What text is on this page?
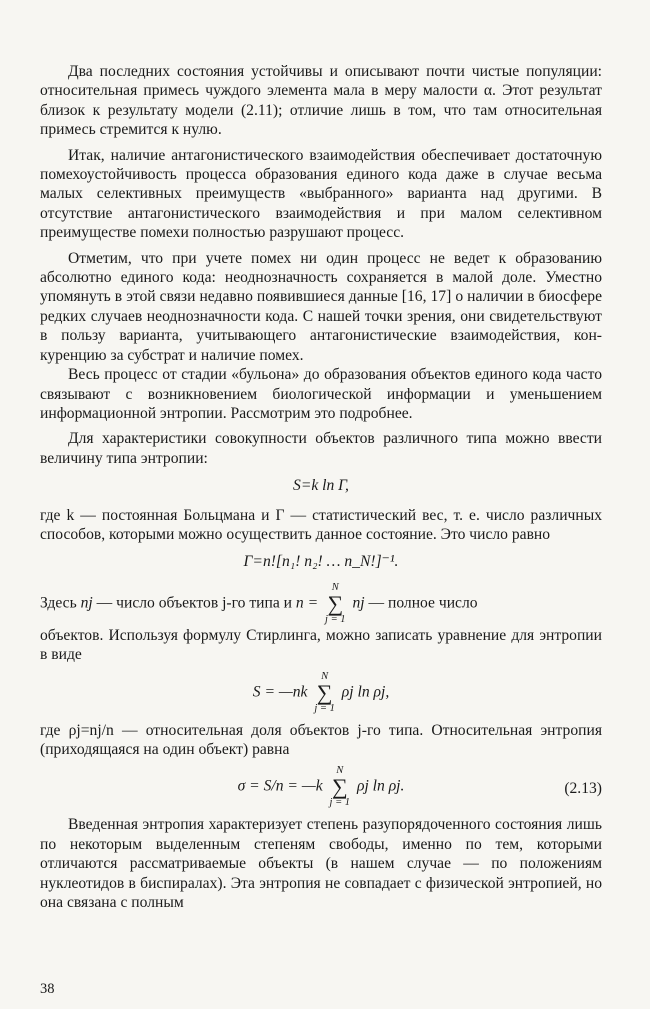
Два последних состояния устойчивы и описывают почти чистые популяции: относительная примесь чуждого элемента мала в меру малости α. Этот результат близок к результату модели (2.11); отличие лишь в том, что там относительная примесь стремится к нулю.

Итак, наличие антагонистического взаимодействия обеспечивает достаточную помехоустойчивость процесса образования единого кода даже в случае весьма малых селективных преимуществ «выбранного» варианта над другими. В отсутствие антагонистического взаимодействия и при малом селективном преимуществе помехи полностью разрушают процесс.

Отметим, что при учете помех ни один процесс не ведет к образованию абсолютно единого кода: неоднозначность сохраняется в малой доле. Уместно упомянуть в этой связи недавно появившиеся данные [16, 17] о наличии в биосфере редких случаев неоднозначности кода. С нашей точки зрения, они свидетельствуют в пользу варианта, учитывающего антагонистические взаимодействия, конкуренцию за субстрат и наличие помех.

Весь процесс от стадии «бульона» до образования объектов единого кода часто связывают с возникновением биологической информации и уменьшением информационной энтропии. Рассмотрим это подробнее.

Для характеристики совокупности объектов различного типа можно ввести величину типа энтропии:

S=k ln Γ,

где k — постоянная Больцмана и Γ — статистический вес, т. е. число различных способов, которыми можно осуществить данное состояние. Это число равно

Γ=n![n₁! n₂! … n_N!]⁻¹.

Здесь nj — число объектов j-го типа и n =
N
∑
j = 1
nj — полное число

объектов. Используя формулу Стирлинга, можно записать уравнение для энтропии в виде

S = —nk
N
∑
j = 1
ρj ln ρj,

где ρj=nj/n — относительная доля объектов j-го типа. Относительная энтропия (приходящаяся на один объект) равна

σ = S/n = —k
N
∑
j = 1
ρj ln ρj.	(2.13)

Введенная энтропия характеризует степень разупорядоченного состояния лишь по некоторым выделенным степеням свободы, именно по тем, которыми отличаются рассматриваемые объекты (в нашем случае — по положениям нуклеотидов в биспиралах). Эта энтропия не совпадает с физической энтропией, но она связана с полным

38
